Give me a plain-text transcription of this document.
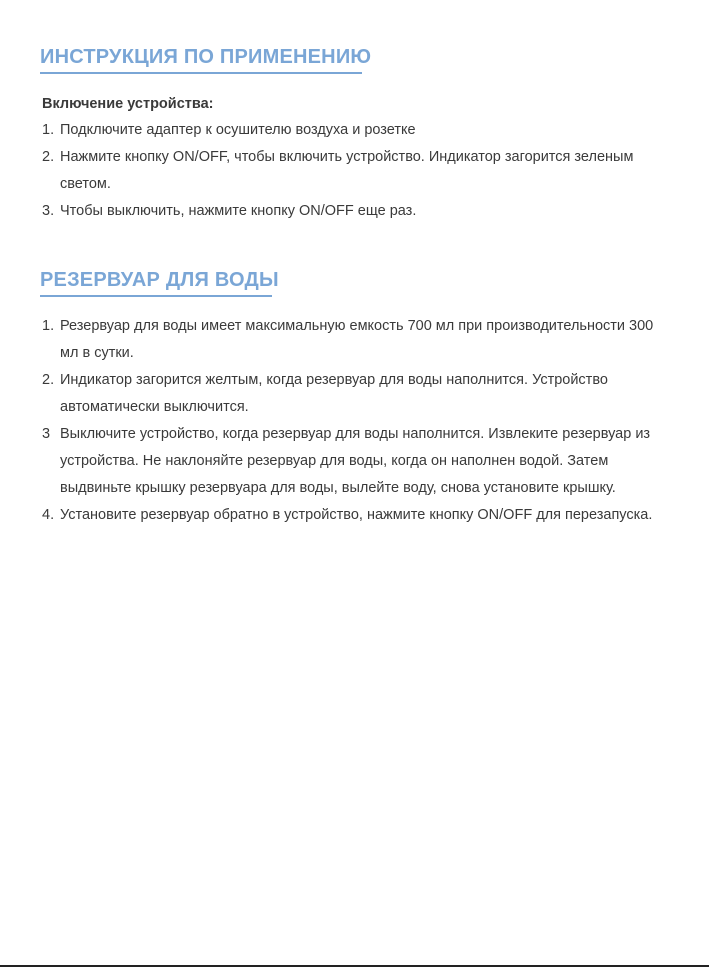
ИНСТРУКЦИЯ ПО ПРИМЕНЕНИЮ
Включение устройства:
1. Подключите адаптер к осушителю воздуха и розетке
2. Нажмите кнопку ON/OFF, чтобы включить устройство. Индикатор загорится зеленым светом.
3. Чтобы выключить, нажмите кнопку ON/OFF еще раз.
РЕЗЕРВУАР ДЛЯ ВОДЫ
1. Резервуар для воды имеет максимальную емкость 700 мл при производительности 300 мл в сутки.
2. Индикатор загорится желтым, когда резервуар для воды наполнится. Устройство автоматически выключится.
3 Выключите устройство, когда резервуар для воды наполнится. Извлеките резервуар из устройства. Не наклоняйте резервуар для воды, когда он наполнен водой. Затем выдвиньте крышку резервуара для воды, вылейте воду, снова установите крышку.
4. Установите резервуар обратно в устройство, нажмите кнопку ON/OFF для перезапуска.
